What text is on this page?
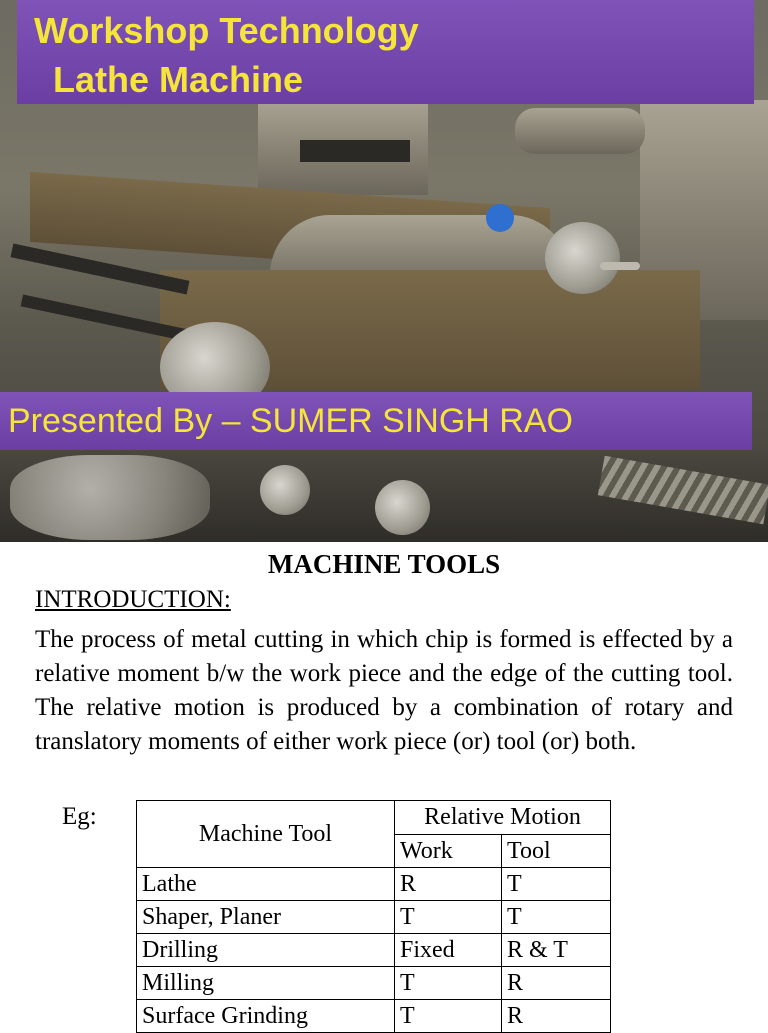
Workshop Technology
Lathe Machine
Presented By – SUMER SINGH RAO
MACHINE TOOLS
INTRODUCTION:
The process of metal cutting in which chip is formed is effected by a relative moment b/w the work piece and the edge of the cutting tool. The relative motion is produced by a combination of rotary and translatory moments of either work piece (or) tool (or) both.
Eg:
Machine Tool	Relative Motion	
	Work	Tool
Lathe	R	T
Shaper, Planer	T	T
Drilling	Fixed	R & T
Milling	T	R
Surface Grinding	T	R
